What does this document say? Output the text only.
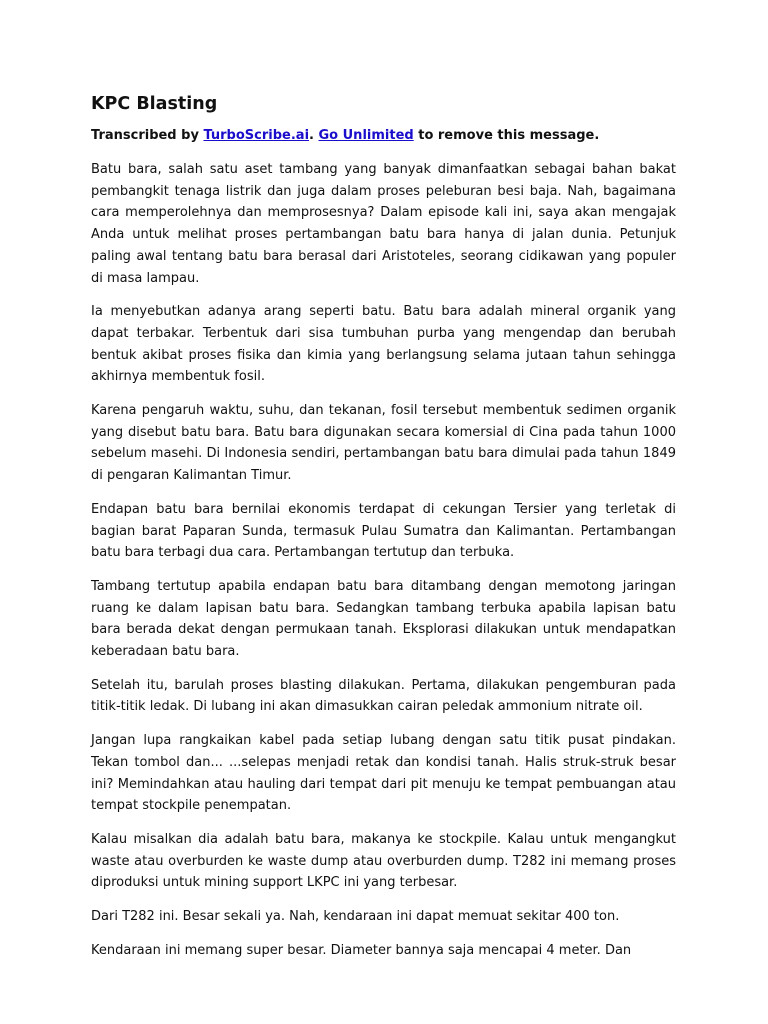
KPC Blasting

Transcribed by TurboScribe.ai. Go Unlimited to remove this message.

Batu bara, salah satu aset tambang yang banyak dimanfaatkan sebagai bahan bakat pembangkit tenaga listrik dan juga dalam proses peleburan besi baja. Nah, bagaimana cara memperolehnya dan memprosesnya? Dalam episode kali ini, saya akan mengajak Anda untuk melihat proses pertambangan batu bara hanya di jalan dunia. Petunjuk paling awal tentang batu bara berasal dari Aristoteles, seorang cidikawan yang populer di masa lampau.

Ia menyebutkan adanya arang seperti batu. Batu bara adalah mineral organik yang dapat terbakar. Terbentuk dari sisa tumbuhan purba yang mengendap dan berubah bentuk akibat proses fisika dan kimia yang berlangsung selama jutaan tahun sehingga akhirnya membentuk fosil.

Karena pengaruh waktu, suhu, dan tekanan, fosil tersebut membentuk sedimen organik yang disebut batu bara. Batu bara digunakan secara komersial di Cina pada tahun 1000 sebelum masehi. Di Indonesia sendiri, pertambangan batu bara dimulai pada tahun 1849 di pengaran Kalimantan Timur.

Endapan batu bara bernilai ekonomis terdapat di cekungan Tersier yang terletak di bagian barat Paparan Sunda, termasuk Pulau Sumatra dan Kalimantan. Pertambangan batu bara terbagi dua cara. Pertambangan tertutup dan terbuka.

Tambang tertutup apabila endapan batu bara ditambang dengan memotong jaringan ruang ke dalam lapisan batu bara. Sedangkan tambang terbuka apabila lapisan batu bara berada dekat dengan permukaan tanah. Eksplorasi dilakukan untuk mendapatkan keberadaan batu bara.

Setelah itu, barulah proses blasting dilakukan. Pertama, dilakukan pengemburan pada titik-titik ledak. Di lubang ini akan dimasukkan cairan peledak ammonium nitrate oil.

Jangan lupa rangkaikan kabel pada setiap lubang dengan satu titik pusat pindakan. Tekan tombol dan... ...selepas menjadi retak dan kondisi tanah. Halis struk-struk besar ini? Memindahkan atau hauling dari tempat dari pit menuju ke tempat pembuangan atau tempat stockpile penempatan.

Kalau misalkan dia adalah batu bara, makanya ke stockpile. Kalau untuk mengangkut waste atau overburden ke waste dump atau overburden dump. T282 ini memang proses diproduksi untuk mining support LKPC ini yang terbesar.

Dari T282 ini. Besar sekali ya. Nah, kendaraan ini dapat memuat sekitar 400 ton.

Kendaraan ini memang super besar. Diameter bannya saja mencapai 4 meter. Dan
